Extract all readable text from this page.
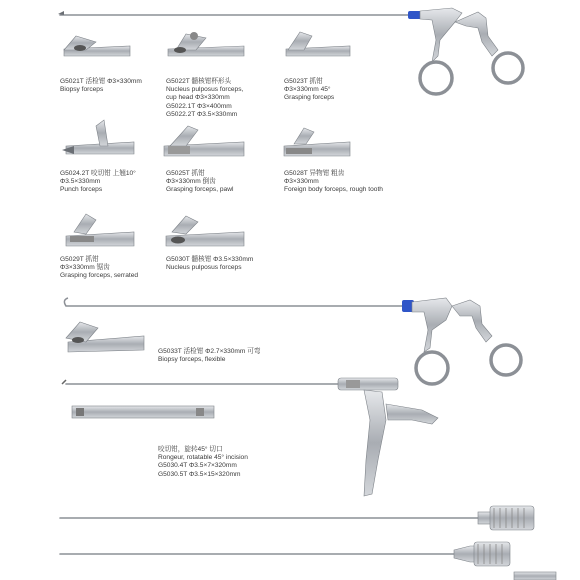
G5021T 活检钳 Φ3×330mm
Biopsy forceps
G5022T 髓核钳杯形头
Nucleus pulposus forceps,
cup head Φ3×330mm
G5022.1T Φ3×400mm
G5022.2T Φ3.5×330mm
G5023T 抓钳
Φ3×330mm 45°
Grasping forceps
G5024.2T 咬切钳 上翘10°
Φ3.5×330mm
Punch forceps
G5025T 抓钳
Φ3×330mm 倒齿
Grasping forceps, pawl
G5028T 异物钳 粗齿
Φ3×330mm
Foreign body forceps, rough tooth
G5029T 抓钳
Φ3×330mm 锯齿
Grasping forceps, serrated
G5030T 髓核钳 Φ3.5×330mm
Nucleus pulposus forceps
G5033T 活检钳 Φ2.7×330mm 可弯
Biopsy forceps, flexible
咬切钳，旋转45° 切口
Rongeur, rotatable 45° incision
G5030.4T Φ3.5×7×320mm
G5030.5T Φ3.5×15×320mm
